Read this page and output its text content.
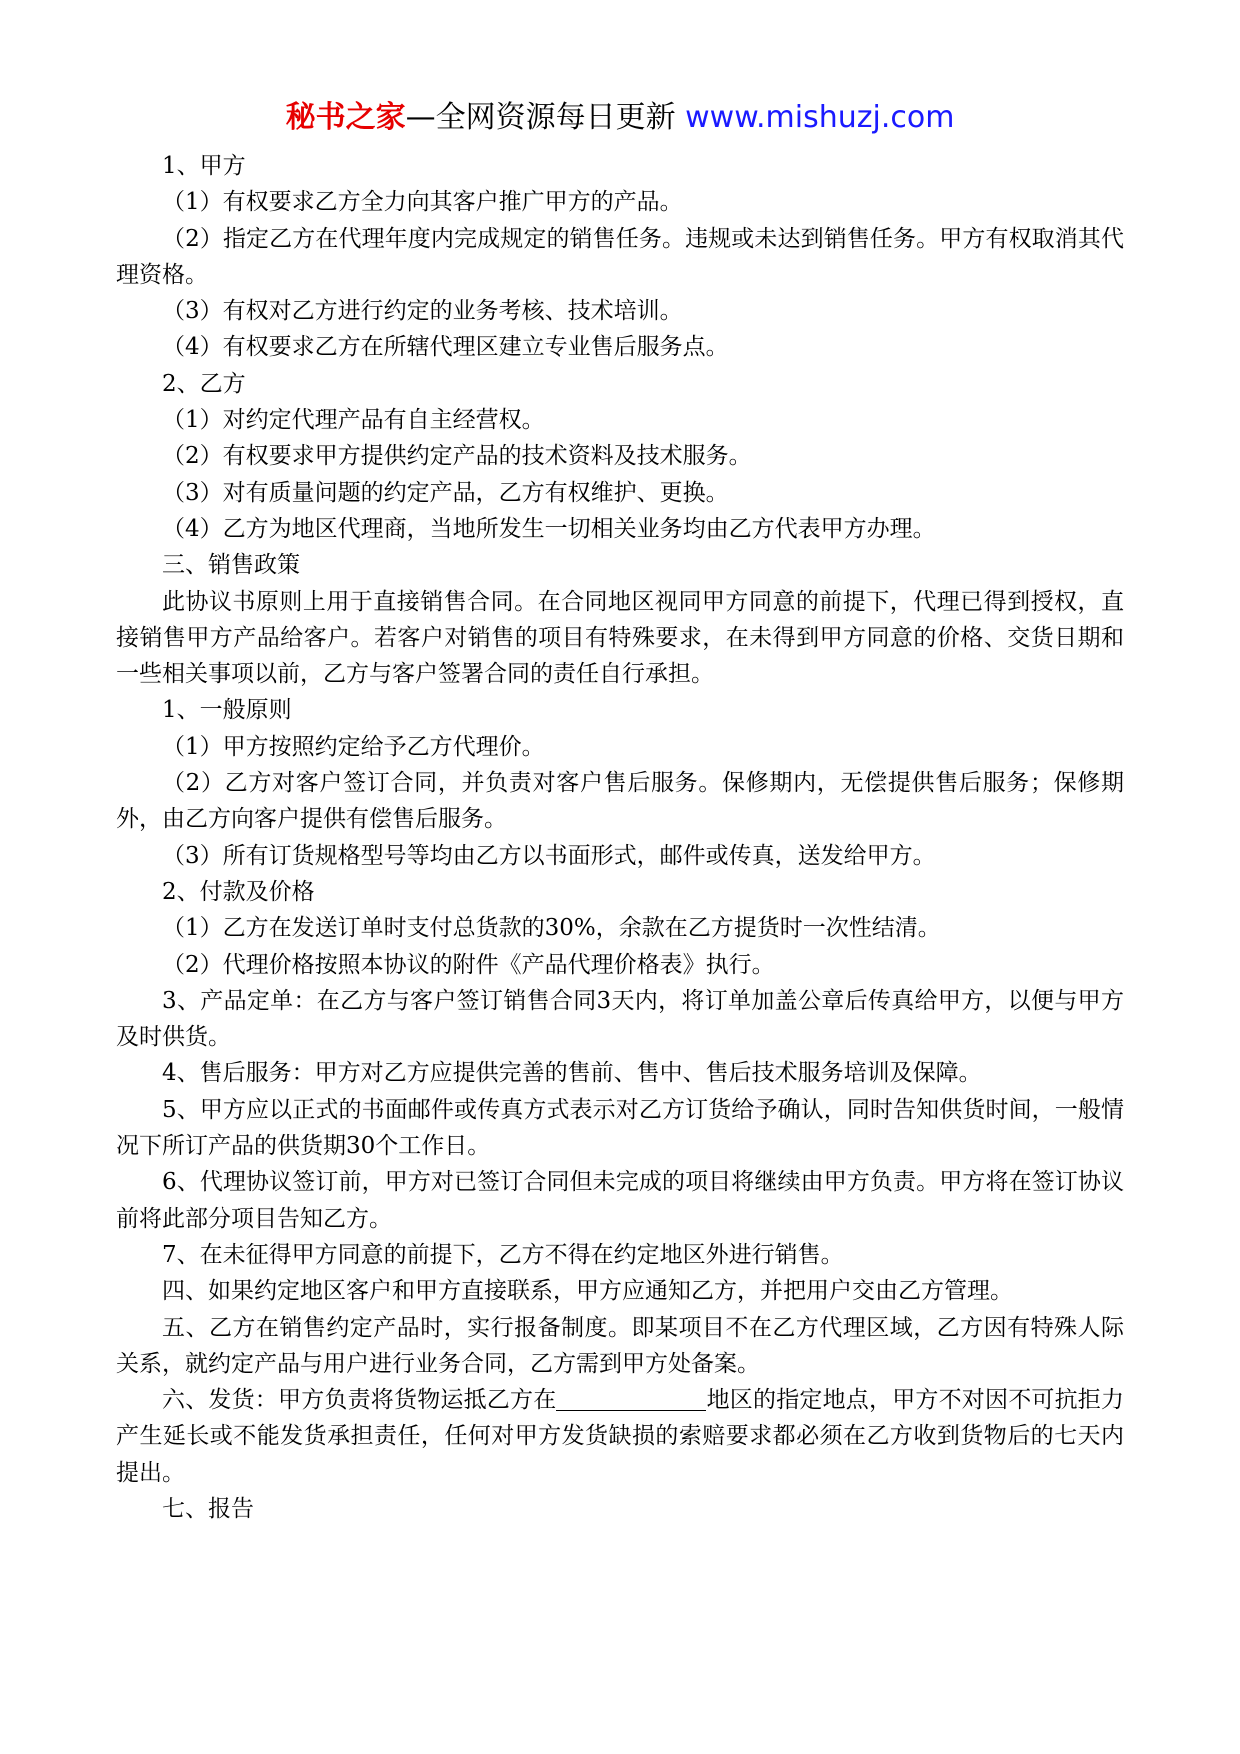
秘书之家—全网资源每日更新 www.mishuzj.com

1、甲方

（1）有权要求乙方全力向其客户推广甲方的产品。

（2）指定乙方在代理年度内完成规定的销售任务。违规或未达到销售任务。甲方有权取消其代理资格。

（3）有权对乙方进行约定的业务考核、技术培训。

（4）有权要求乙方在所辖代理区建立专业售后服务点。

2、乙方

（1）对约定代理产品有自主经营权。

（2）有权要求甲方提供约定产品的技术资料及技术服务。

（3）对有质量问题的约定产品，乙方有权维护、更换。

（4）乙方为地区代理商，当地所发生一切相关业务均由乙方代表甲方办理。

三、销售政策

此协议书原则上用于直接销售合同。在合同地区视同甲方同意的前提下，代理已得到授权，直接销售甲方产品给客户。若客户对销售的项目有特殊要求，在未得到甲方同意的价格、交货日期和一些相关事项以前，乙方与客户签署合同的责任自行承担。

1、一般原则

（1）甲方按照约定给予乙方代理价。

（2）乙方对客户签订合同，并负责对客户售后服务。保修期内，无偿提供售后服务；保修期外，由乙方向客户提供有偿售后服务。

（3）所有订货规格型号等均由乙方以书面形式，邮件或传真，送发给甲方。

2、付款及价格

（1）乙方在发送订单时支付总货款的30%，余款在乙方提货时一次性结清。

（2）代理价格按照本协议的附件《产品代理价格表》执行。

3、产品定单：在乙方与客户签订销售合同3天内，将订单加盖公章后传真给甲方，以便与甲方及时供货。

4、售后服务：甲方对乙方应提供完善的售前、售中、售后技术服务培训及保障。

5、甲方应以正式的书面邮件或传真方式表示对乙方订货给予确认，同时告知供货时间，一般情况下所订产品的供货期30个工作日。

6、代理协议签订前，甲方对已签订合同但未完成的项目将继续由甲方负责。甲方将在签订协议前将此部分项目告知乙方。

7、在未征得甲方同意的前提下，乙方不得在约定地区外进行销售。

四、如果约定地区客户和甲方直接联系，甲方应通知乙方，并把用户交由乙方管理。

五、乙方在销售约定产品时，实行报备制度。即某项目不在乙方代理区域，乙方因有特殊人际关系，就约定产品与用户进行业务合同，乙方需到甲方处备案。

六、发货：甲方负责将货物运抵乙方在	地区的指定地点，甲方不对因不可抗拒力产生延长或不能发货承担责任，任何对甲方发货缺损的索赔要求都必须在乙方收到货物后的七天内提出。

七、报告
